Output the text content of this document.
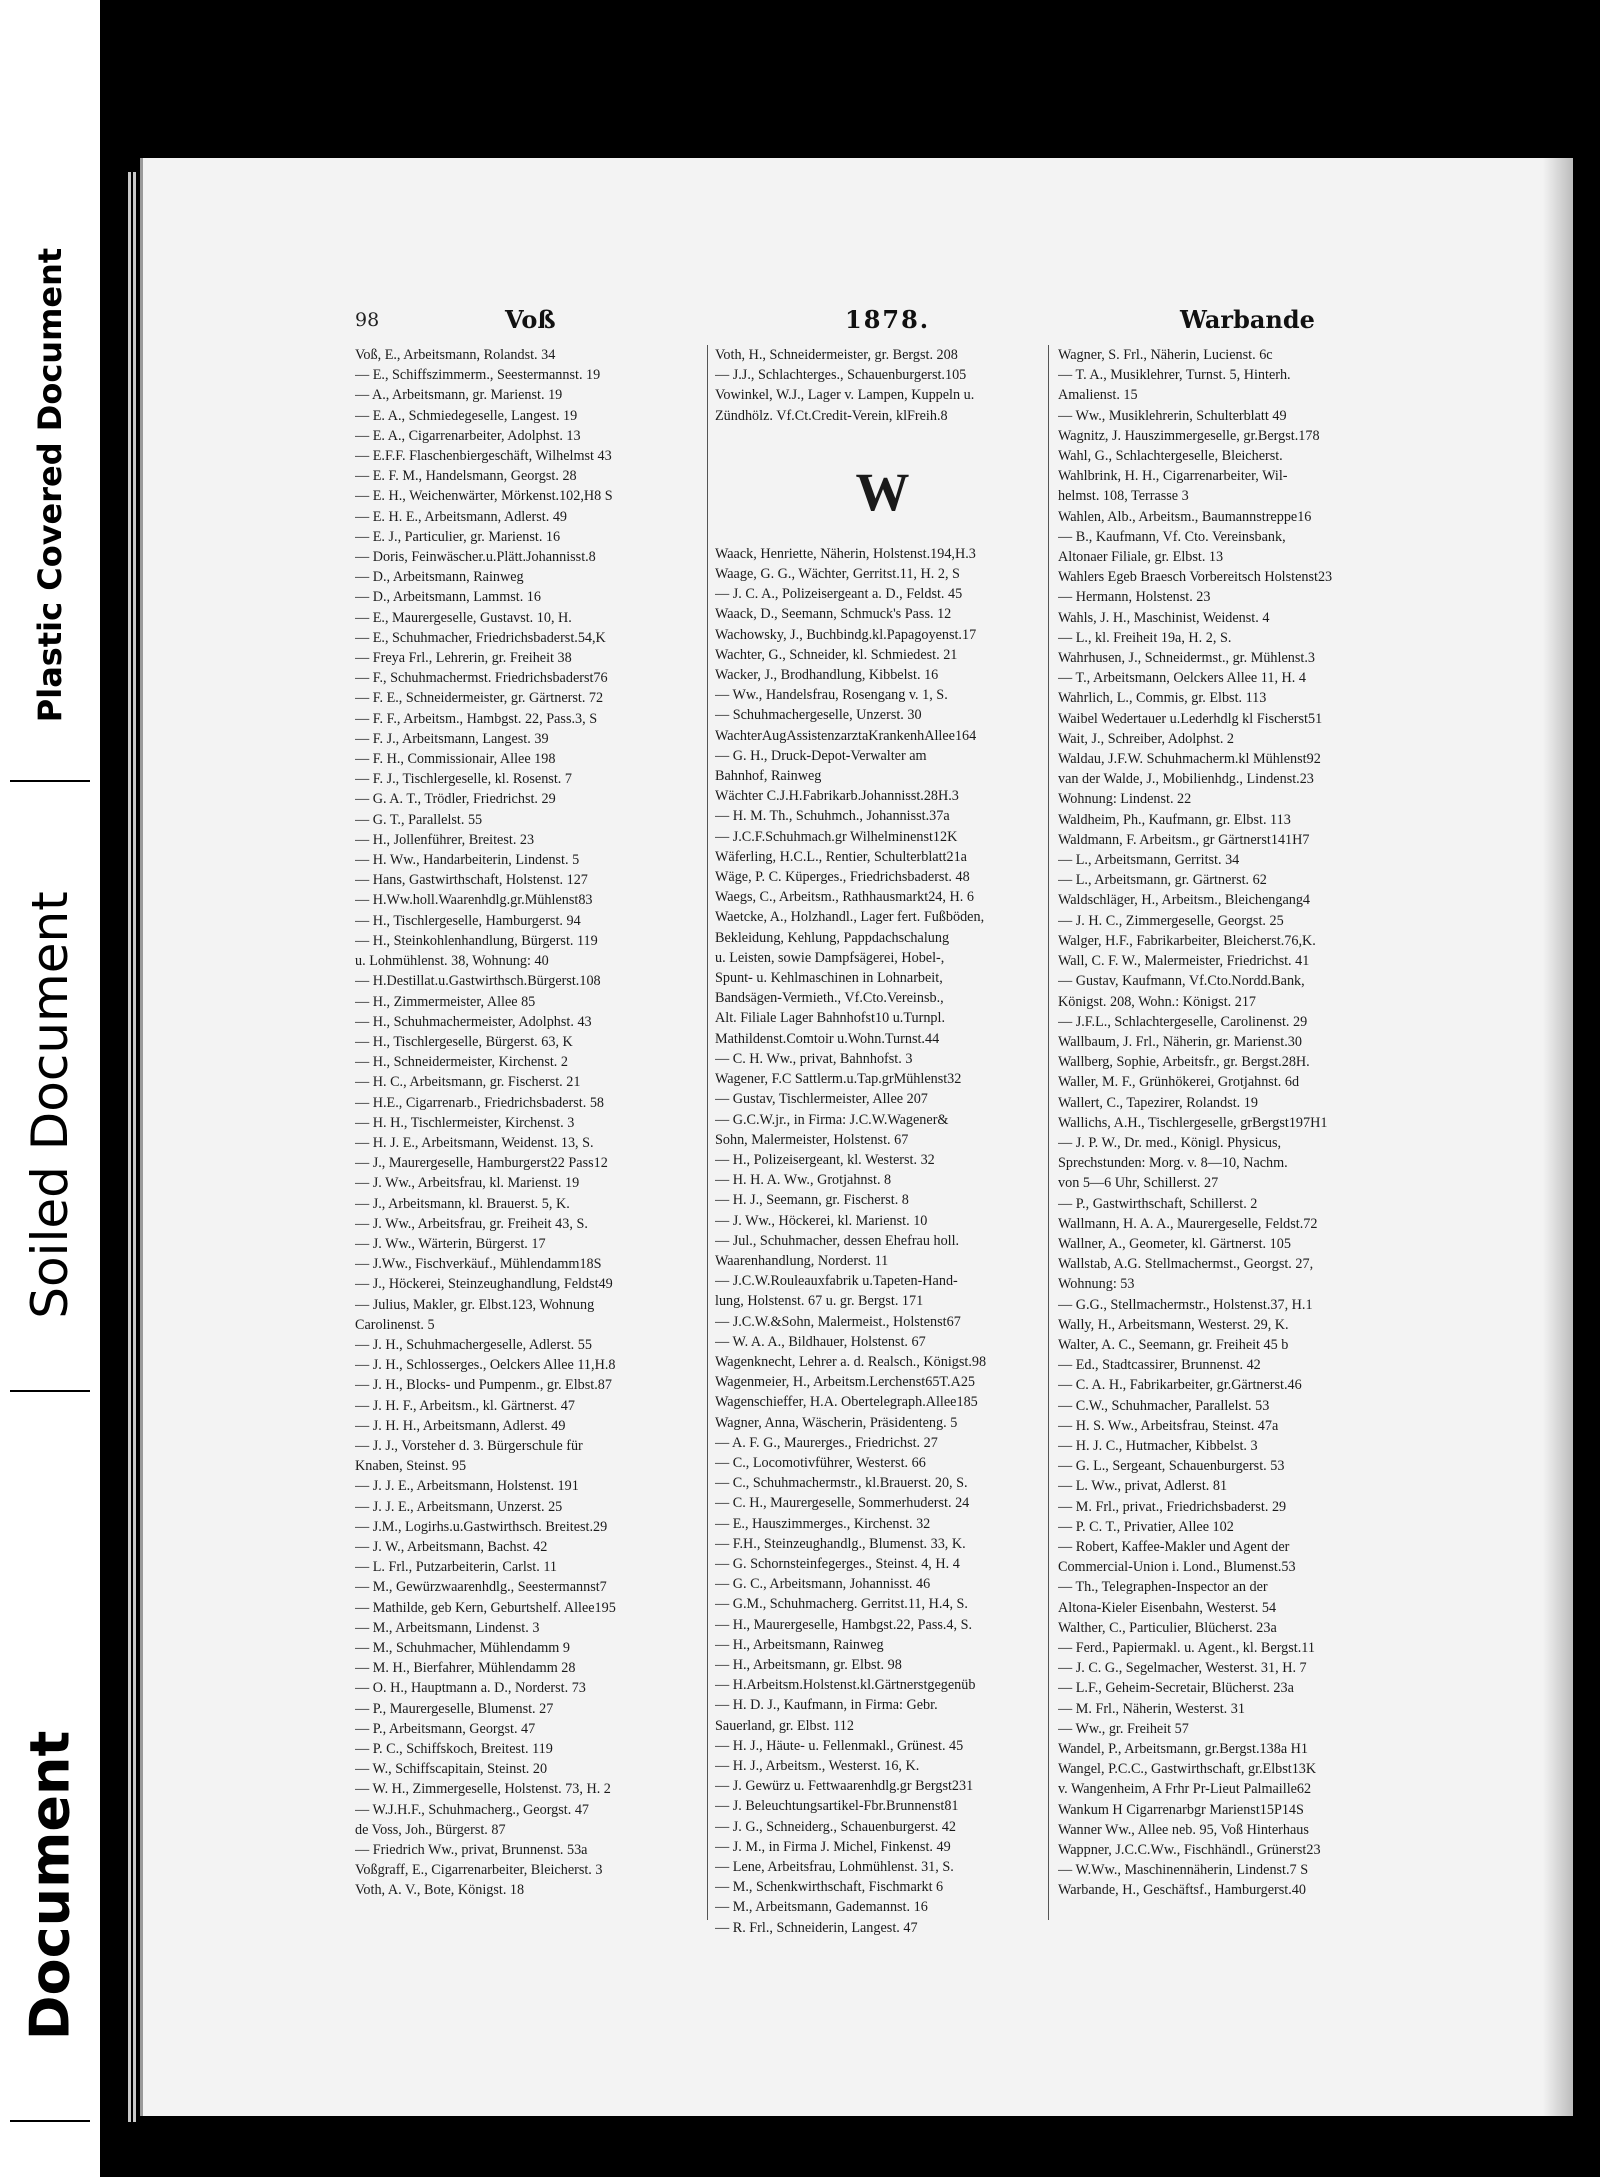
Plastic Covered Document
Soiled Document
Document
98	Voß	1878.	Warbande
Voß, E., Arbeitsmann, Rolandst. 34
— E., Schiffszimmerm., Seestermannst. 19
— A., Arbeitsmann, gr. Marienst. 19
— E. A., Schmiedegeselle, Langest. 19
— E. A., Cigarrenarbeiter, Adolphst. 13
— E.F.F. Flaschenbiergeschäft, Wilhelmst 43
— E. F. M., Handelsmann, Georgst. 28
— E. H., Weichenwärter, Mörkenst.102,H8 S
— E. H. E., Arbeitsmann, Adlerst. 49
— E. J., Particulier, gr. Marienst. 16
— Doris, Feinwäscher.u.Plätt.Johannisst.8
— D., Arbeitsmann, Rainweg
— D., Arbeitsmann, Lammst. 16
— E., Maurergeselle, Gustavst. 10, H.
— E., Schuhmacher, Friedrichsbaderst.54,K
— Freya Frl., Lehrerin, gr. Freiheit 38
— F., Schuhmachermst. Friedrichsbaderst76
— F. E., Schneidermeister, gr. Gärtnerst. 72
— F. F., Arbeitsm., Hambgst. 22, Pass.3, S
— F. J., Arbeitsmann, Langest. 39
— F. H., Commissionair, Allee 198
— F. J., Tischlergeselle, kl. Rosenst. 7
— G. A. T., Trödler, Friedrichst. 29
— G. T., Parallelst. 55
— H., Jollenführer, Breitest. 23
— H. Ww., Handarbeiterin, Lindenst. 5
— Hans, Gastwirthschaft, Holstenst. 127
— H.Ww.holl.Waarenhdlg.gr.Mühlenst83
— H., Tischlergeselle, Hamburgerst. 94
— H., Steinkohlenhandlung, Bürgerst. 119
u. Lohmühlenst. 38, Wohnung: 40
— H.Destillat.u.Gastwirthsch.Bürgerst.108
— H., Zimmermeister, Allee 85
— H., Schuhmachermeister, Adolphst. 43
— H., Tischlergeselle, Bürgerst. 63, K
— H., Schneidermeister, Kirchenst. 2
— H. C., Arbeitsmann, gr. Fischerst. 21
— H.E., Cigarrenarb., Friedrichsbaderst. 58
— H. H., Tischlermeister, Kirchenst. 3
— H. J. E., Arbeitsmann, Weidenst. 13, S.
— J., Maurergeselle, Hamburgerst22 Pass12
— J. Ww., Arbeitsfrau, kl. Marienst. 19
— J., Arbeitsmann, kl. Brauerst. 5, K.
— J. Ww., Arbeitsfrau, gr. Freiheit 43, S.
— J. Ww., Wärterin, Bürgerst. 17
— J.Ww., Fischverkäuf., Mühlendamm18S
— J., Höckerei, Steinzeughandlung, Feldst49
— Julius, Makler, gr. Elbst.123, Wohnung
Carolinenst. 5
— J. H., Schuhmachergeselle, Adlerst. 55
— J. H., Schlosserges., Oelckers Allee 11,H.8
— J. H., Blocks- und Pumpenm., gr. Elbst.87
— J. H. F., Arbeitsm., kl. Gärtnerst. 47
— J. H. H., Arbeitsmann, Adlerst. 49
— J. J., Vorsteher d. 3. Bürgerschule für
Knaben, Steinst. 95
— J. J. E., Arbeitsmann, Holstenst. 191
— J. J. E., Arbeitsmann, Unzerst. 25
— J.M., Logirhs.u.Gastwirthsch. Breitest.29
— J. W., Arbeitsmann, Bachst. 42
— L. Frl., Putzarbeiterin, Carlst. 11
— M., Gewürzwaarenhdlg., Seestermannst7
— Mathilde, geb Kern, Geburtshelf. Allee195
— M., Arbeitsmann, Lindenst. 3
— M., Schuhmacher, Mühlendamm 9
— M. H., Bierfahrer, Mühlendamm 28
— O. H., Hauptmann a. D., Norderst. 73
— P., Maurergeselle, Blumenst. 27
— P., Arbeitsmann, Georgst. 47
— P. C., Schiffskoch, Breitest. 119
— W., Schiffscapitain, Steinst. 20
— W. H., Zimmergeselle, Holstenst. 73, H. 2
— W.J.H.F., Schuhmacherg., Georgst. 47
de Voss, Joh., Bürgerst. 87
— Friedrich Ww., privat, Brunnenst. 53a
Voßgraff, E., Cigarrenarbeiter, Bleicherst. 3
Voth, A. V., Bote, Königst. 18
Voth, H., Schneidermeister, gr. Bergst. 208
— J.J., Schlachterges., Schauenburgerst.105
Vowinkel, W.J., Lager v. Lampen, Kuppeln u.
Zündhölz. Vf.Ct.Credit-Verein, klFreih.8
W
Waack, Henriette, Näherin, Holstenst.194,H.3
Waage, G. G., Wächter, Gerritst.11, H. 2, S
— J. C. A., Polizeisergeant a. D., Feldst. 45
Waack, D., Seemann, Schmuck's Pass. 12
Wachowsky, J., Buchbindg.kl.Papagoyenst.17
Wachter, G., Schneider, kl. Schmiedest. 21
Wacker, J., Brodhandlung, Kibbelst. 16
— Ww., Handelsfrau, Rosengang v. 1, S.
— Schuhmachergeselle, Unzerst. 30
WachterAugAssistenzarztaKrankenhAllee164
— G. H., Druck-Depot-Verwalter am
Bahnhof, Rainweg
Wächter C.J.H.Fabrikarb.Johannisst.28H.3
— H. M. Th., Schuhmch., Johannisst.37a
— J.C.F.Schuhmach.gr Wilhelminenst12K
Wäferling, H.C.L., Rentier, Schulterblatt21a
Wäge, P. C. Küperges., Friedrichsbaderst. 48
Waegs, C., Arbeitsm., Rathhausmarkt24, H. 6
Waetcke, A., Holzhandl., Lager fert. Fußböden,
Bekleidung, Kehlung, Pappdachschalung
u. Leisten, sowie Dampfsägerei, Hobel-,
Spunt- u. Kehlmaschinen in Lohnarbeit,
Bandsägen-Vermieth., Vf.Cto.Vereinsb.,
Alt. Filiale Lager Bahnhofst10 u.Turnpl.
Mathildenst.Comtoir u.Wohn.Turnst.44
— C. H. Ww., privat, Bahnhofst. 3
Wagener, F.C Sattlerm.u.Tap.grMühlenst32
— Gustav, Tischlermeister, Allee 207
— G.C.W.jr., in Firma: J.C.W.Wagener&
Sohn, Malermeister, Holstenst. 67
— H., Polizeisergeant, kl. Westerst. 32
— H. H. A. Ww., Grotjahnst. 8
— H. J., Seemann, gr. Fischerst. 8
— J. Ww., Höckerei, kl. Marienst. 10
— Jul., Schuhmacher, dessen Ehefrau holl.
Waarenhandlung, Norderst. 11
— J.C.W.Rouleauxfabrik u.Tapeten-Hand-
lung, Holstenst. 67 u. gr. Bergst. 171
— J.C.W.&Sohn, Malermeist., Holstenst67
— W. A. A., Bildhauer, Holstenst. 67
Wagenknecht, Lehrer a. d. Realsch., Königst.98
Wagenmeier, H., Arbeitsm.Lerchenst65T.A25
Wagenschieffer, H.A. Obertelegraph.Allee185
Wagner, Anna, Wäscherin, Präsidenteng. 5
— A. F. G., Maurerges., Friedrichst. 27
— C., Locomotivführer, Westerst. 66
— C., Schuhmachermstr., kl.Brauerst. 20, S.
— C. H., Maurergeselle, Sommerhuderst. 24
— E., Hauszimmerges., Kirchenst. 32
— F.H., Steinzeughandlg., Blumenst. 33, K.
— G. Schornsteinfegerges., Steinst. 4, H. 4
— G. C., Arbeitsmann, Johannisst. 46
— G.M., Schuhmacherg. Gerritst.11, H.4, S.
— H., Maurergeselle, Hambgst.22, Pass.4, S.
— H., Arbeitsmann, Rainweg
— H., Arbeitsmann, gr. Elbst. 98
— H.Arbeitsm.Holstenst.kl.Gärtnerstgegenüb
— H. D. J., Kaufmann, in Firma: Gebr.
Sauerland, gr. Elbst. 112
— H. J., Häute- u. Fellenmakl., Grünest. 45
— H. J., Arbeitsm., Westerst. 16, K.
— J. Gewürz u. Fettwaarenhdlg.gr Bergst231
— J. Beleuchtungsartikel-Fbr.Brunnenst81
— J. G., Schneiderg., Schauenburgerst. 42
— J. M., in Firma J. Michel, Finkenst. 49
— Lene, Arbeitsfrau, Lohmühlenst. 31, S.
— M., Schenkwirthschaft, Fischmarkt 6
— M., Arbeitsmann, Gademannst. 16
— R. Frl., Schneiderin, Langest. 47
Wagner, S. Frl., Näherin, Lucienst. 6c
— T. A., Musiklehrer, Turnst. 5, Hinterh.
Amalienst. 15
— Ww., Musiklehrerin, Schulterblatt 49
Wagnitz, J. Hauszimmergeselle, gr.Bergst.178
Wahl, G., Schlachtergeselle, Bleicherst.
Wahlbrink, H. H., Cigarrenarbeiter, Wil-
helmst. 108, Terrasse 3
Wahlen, Alb., Arbeitsm., Baumannstreppe16
— B., Kaufmann, Vf. Cto. Vereinsbank,
Altonaer Filiale, gr. Elbst. 13
Wahlers Egeb Braesch Vorbereitsch Holstenst23
— Hermann, Holstenst. 23
Wahls, J. H., Maschinist, Weidenst. 4
— L., kl. Freiheit 19a, H. 2, S.
Wahrhusen, J., Schneidermst., gr. Mühlenst.3
— T., Arbeitsmann, Oelckers Allee 11, H. 4
Wahrlich, L., Commis, gr. Elbst. 113
Waibel Wedertauer u.Lederhdlg kl Fischerst51
Wait, J., Schreiber, Adolphst. 2
Waldau, J.F.W. Schuhmacherm.kl Mühlenst92
van der Walde, J., Mobilienhdg., Lindenst.23
Wohnung: Lindenst. 22
Waldheim, Ph., Kaufmann, gr. Elbst. 113
Waldmann, F. Arbeitsm., gr Gärtnerst141H7
— L., Arbeitsmann, Gerritst. 34
— L., Arbeitsmann, gr. Gärtnerst. 62
Waldschläger, H., Arbeitsm., Bleichengang4
— J. H. C., Zimmergeselle, Georgst. 25
Walger, H.F., Fabrikarbeiter, Bleicherst.76,K.
Wall, C. F. W., Malermeister, Friedrichst. 41
— Gustav, Kaufmann, Vf.Cto.Nordd.Bank,
Königst. 208, Wohn.: Königst. 217
— J.F.L., Schlachtergeselle, Carolinenst. 29
Wallbaum, J. Frl., Näherin, gr. Marienst.30
Wallberg, Sophie, Arbeitsfr., gr. Bergst.28H.
Waller, M. F., Grünhökerei, Grotjahnst. 6d
Wallert, C., Tapezirer, Rolandst. 19
Wallichs, A.H., Tischlergeselle, grBergst197H1
— J. P. W., Dr. med., Königl. Physicus,
Sprechstunden: Morg. v. 8—10, Nachm.
von 5—6 Uhr, Schillerst. 27
— P., Gastwirthschaft, Schillerst. 2
Wallmann, H. A. A., Maurergeselle, Feldst.72
Wallner, A., Geometer, kl. Gärtnerst. 105
Wallstab, A.G. Stellmachermst., Georgst. 27,
Wohnung: 53
— G.G., Stellmachermstr., Holstenst.37, H.1
Wally, H., Arbeitsmann, Westerst. 29, K.
Walter, A. C., Seemann, gr. Freiheit 45 b
— Ed., Stadtcassirer, Brunnenst. 42
— C. A. H., Fabrikarbeiter, gr.Gärtnerst.46
— C.W., Schuhmacher, Parallelst. 53
— H. S. Ww., Arbeitsfrau, Steinst. 47a
— H. J. C., Hutmacher, Kibbelst. 3
— G. L., Sergeant, Schauenburgerst. 53
— L. Ww., privat, Adlerst. 81
— M. Frl., privat., Friedrichsbaderst. 29
— P. C. T., Privatier, Allee 102
— Robert, Kaffee-Makler und Agent der
Commercial-Union i. Lond., Blumenst.53
— Th., Telegraphen-Inspector an der
Altona-Kieler Eisenbahn, Westerst. 54
Walther, C., Particulier, Blücherst. 23a
— Ferd., Papiermakl. u. Agent., kl. Bergst.11
— J. C. G., Segelmacher, Westerst. 31, H. 7
— L.F., Geheim-Secretair, Blücherst. 23a
— M. Frl., Näherin, Westerst. 31
— Ww., gr. Freiheit 57
Wandel, P., Arbeitsmann, gr.Bergst.138a H1
Wangel, P.C.C., Gastwirthschaft, gr.Elbst13K
v. Wangenheim, A Frhr Pr-Lieut Palmaille62
Wankum H Cigarrenarbgr Marienst15P14S
Wanner Ww., Allee neb. 95, Voß Hinterhaus
Wappner, J.C.C.Ww., Fischhändl., Grünerst23
— W.Ww., Maschinennäherin, Lindenst.7 S
Warbande, H., Geschäftsf., Hamburgerst.40
